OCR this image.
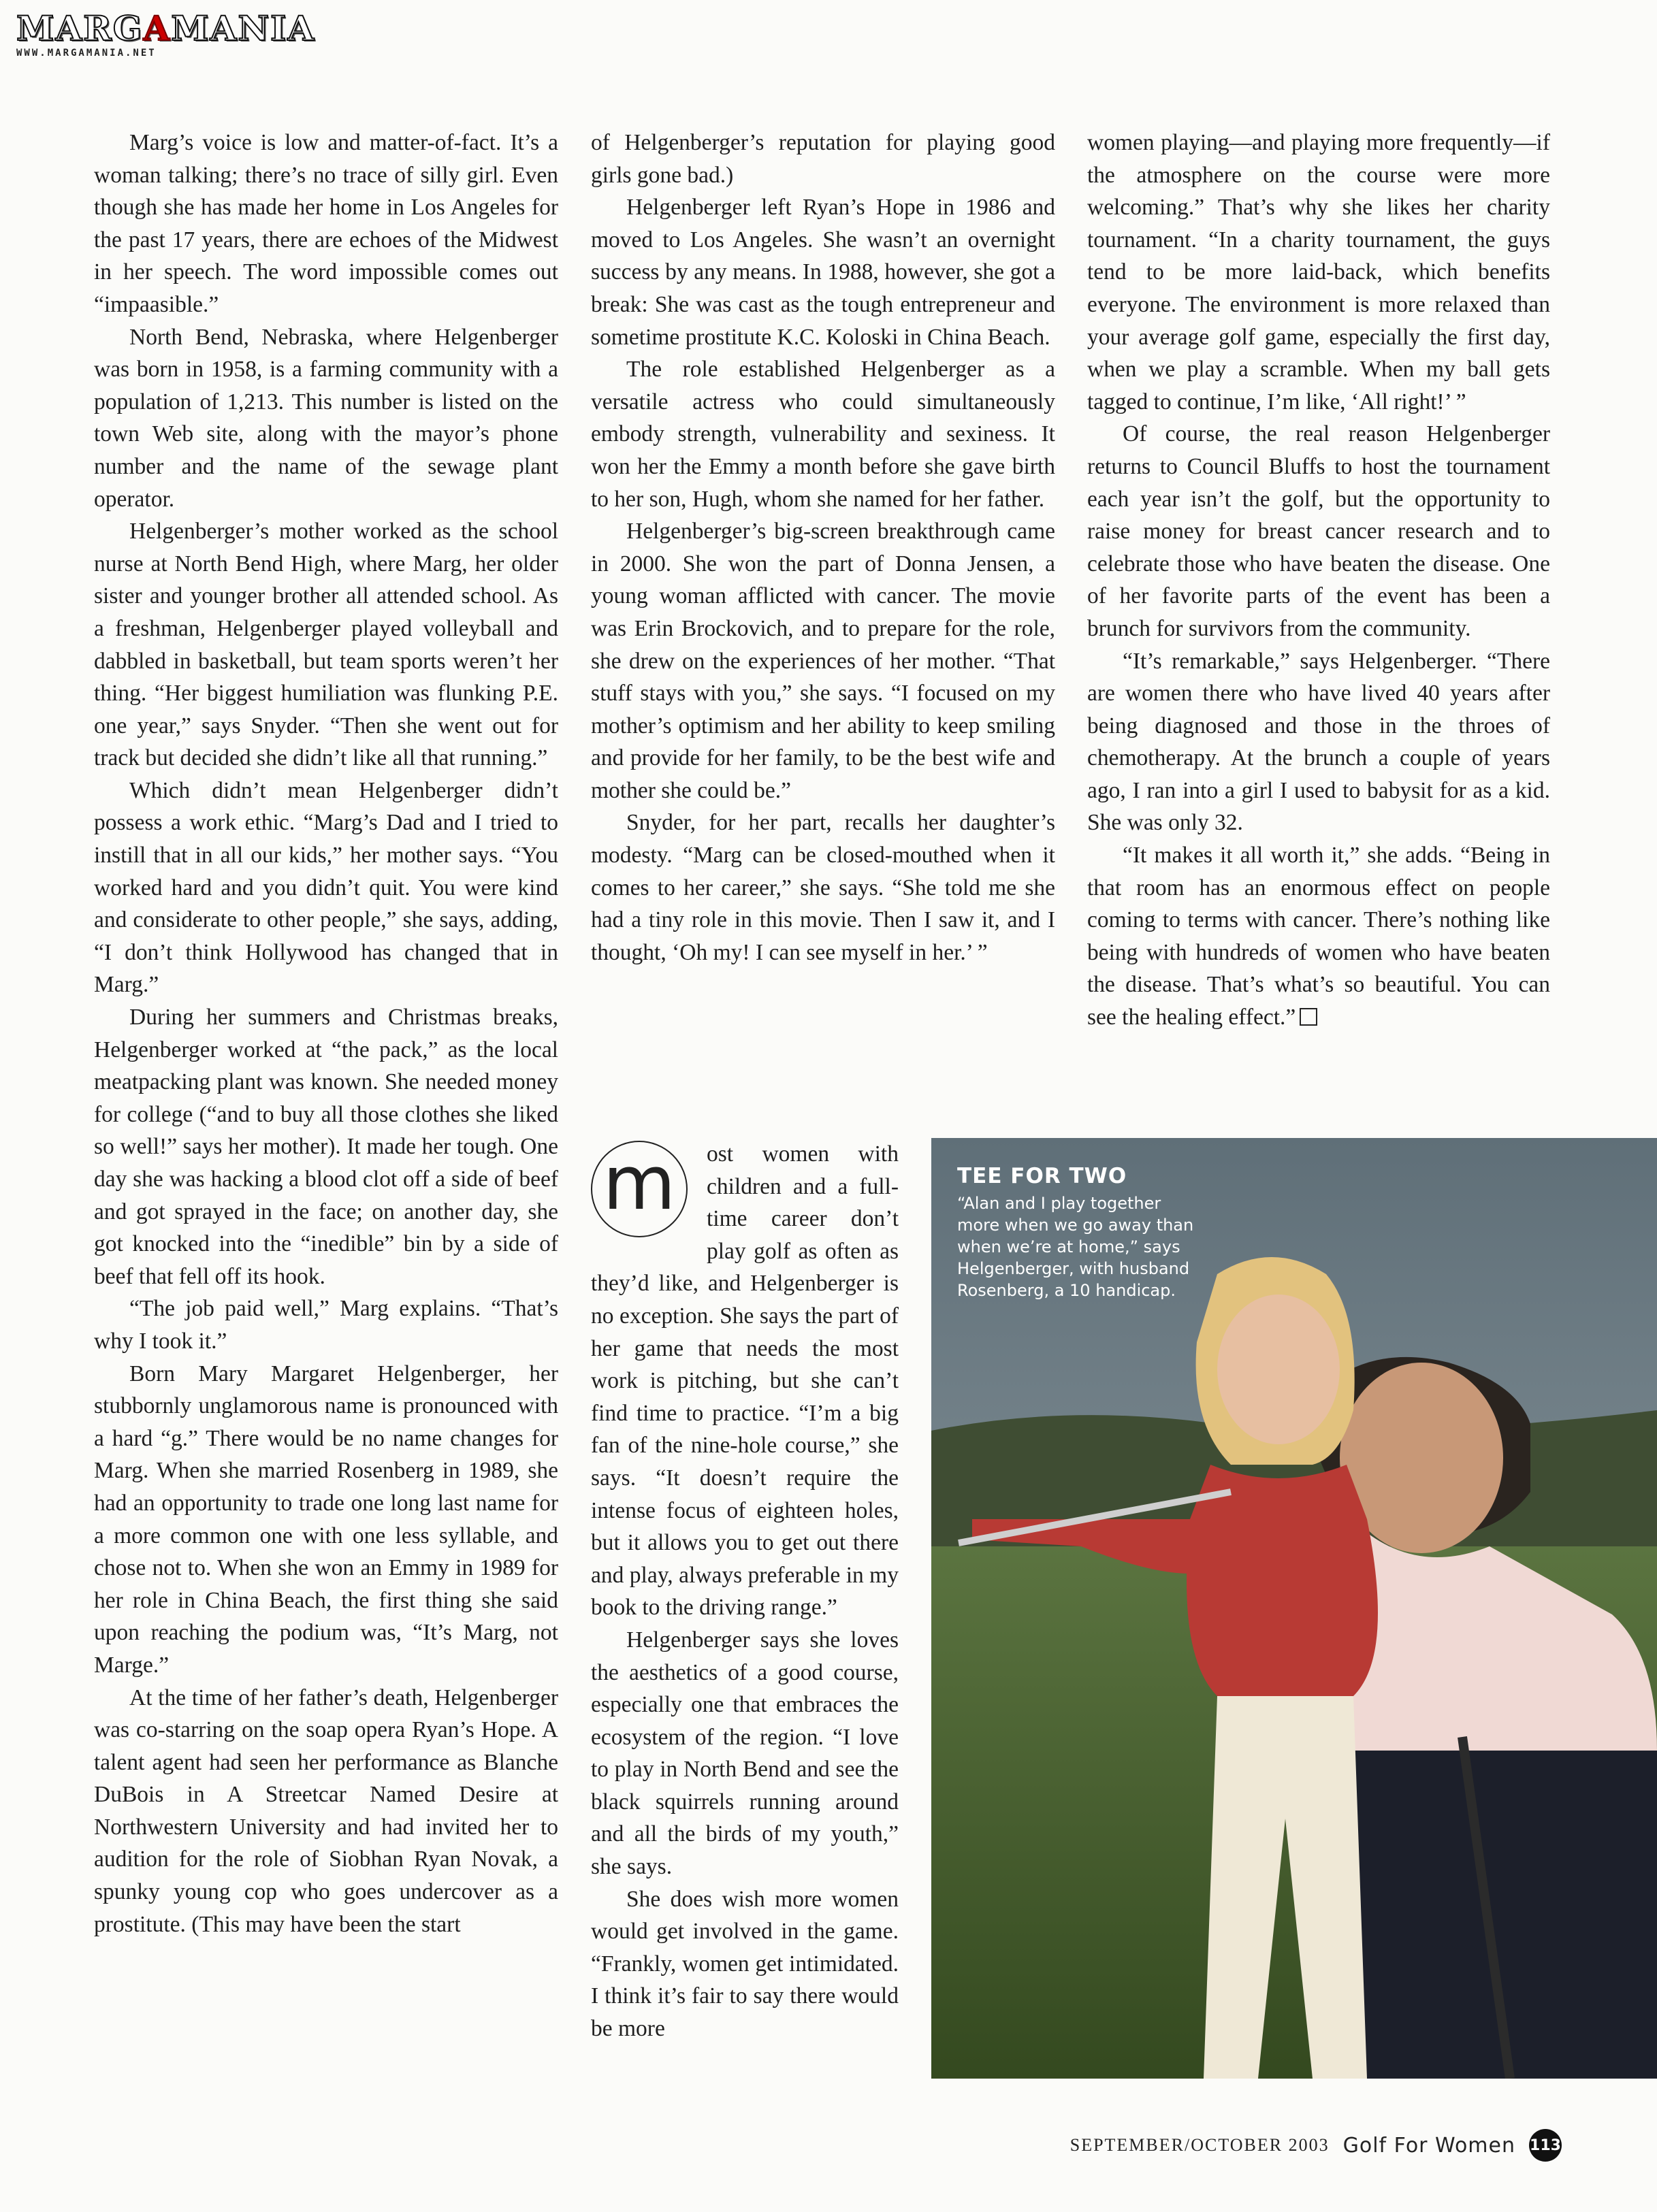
MARGAMANIA
WWW.MARGAMANIA.NET

Marg’s voice is low and matter-of-fact. It’s a woman talking; there’s no trace of silly girl. Even though she has made her home in Los Angeles for the past 17 years, there are echoes of the Midwest in her speech. The word impossible comes out “impaasible.”

North Bend, Nebraska, where Helgenberger was born in 1958, is a farming community with a population of 1,213. This number is listed on the town Web site, along with the mayor’s phone number and the name of the sewage plant operator.

Helgenberger’s mother worked as the school nurse at North Bend High, where Marg, her older sister and younger brother all attended school. As a freshman, Helgenberger played volleyball and dabbled in basketball, but team sports weren’t her thing. “Her biggest humiliation was flunking P.E. one year,” says Snyder. “Then she went out for track but decided she didn’t like all that running.”

Which didn’t mean Helgenberger didn’t possess a work ethic. “Marg’s Dad and I tried to instill that in all our kids,” her mother says. “You worked hard and you didn’t quit. You were kind and considerate to other people,” she says, adding, “I don’t think Hollywood has changed that in Marg.”

During her summers and Christmas breaks, Helgenberger worked at “the pack,” as the local meatpacking plant was known. She needed money for college (“and to buy all those clothes she liked so well!” says her mother). It made her tough. One day she was hacking a blood clot off a side of beef and got sprayed in the face; on another day, she got knocked into the “inedible” bin by a side of beef that fell off its hook.

“The job paid well,” Marg explains. “That’s why I took it.”

Born Mary Margaret Helgenberger, her stubbornly unglamorous name is pronounced with a hard “g.” There would be no name changes for Marg. When she married Rosenberg in 1989, she had an opportunity to trade one long last name for a more common one with one less syllable, and chose not to. When she won an Emmy in 1989 for her role in China Beach, the first thing she said upon reaching the podium was, “It’s Marg, not Marge.”

At the time of her father’s death, Helgenberger was co-starring on the soap opera Ryan’s Hope. A talent agent had seen her performance as Blanche DuBois in A Streetcar Named Desire at Northwestern University and had invited her to audition for the role of Siobhan Ryan Novak, a spunky young cop who goes undercover as a prostitute. (This may have been the start

of Helgenberger’s reputation for playing good girls gone bad.)

Helgenberger left Ryan’s Hope in 1986 and moved to Los Angeles. She wasn’t an overnight success by any means. In 1988, however, she got a break: She was cast as the tough entrepreneur and sometime prostitute K.C. Koloski in China Beach.

The role established Helgenberger as a versatile actress who could simultaneously embody strength, vulnerability and sexiness. It won her the Emmy a month before she gave birth to her son, Hugh, whom she named for her father.

Helgenberger’s big-screen breakthrough came in 2000. She won the part of Donna Jensen, a young woman afflicted with cancer. The movie was Erin Brockovich, and to prepare for the role, she drew on the experiences of her mother. “That stuff stays with you,” she says. “I focused on my mother’s optimism and her ability to keep smiling and provide for her family, to be the best wife and mother she could be.”

Snyder, for her part, recalls her daughter’s modesty. “Marg can be closed-mouthed when it comes to her career,” she says. “She told me she had a tiny role in this movie. Then I saw it, and I thought, ‘Oh my! I can see myself in her.’ ”

m	ost women with children and a full-time career don’t play golf as often as they’d like, and Helgenberger is no exception. She says the part of her game that needs the most work is pitching, but she can’t find time to practice. “I’m a big fan of the nine-hole course,” she says. “It doesn’t require the intense focus of eighteen holes, but it allows you to get out there and play, always preferable in my book to the driving range.”

Helgenberger says she loves the aesthetics of a good course, especially one that embraces the ecosystem of the region. “I love to play in North Bend and see the black squirrels running around and all the birds of my youth,” she says.

She does wish more women would get involved in the game. “Frankly, women get intimidated. I think it’s fair to say there would be more

women playing—and playing more frequently—if the atmosphere on the course were more welcoming.” That’s why she likes her charity tournament. “In a charity tournament, the guys tend to be more laid-back, which benefits everyone. The environment is more relaxed than your average golf game, especially the first day, when we play a scramble. When my ball gets tagged to continue, I’m like, ‘All right!’ ”

Of course, the real reason Helgenberger returns to Council Bluffs to host the tournament each year isn’t the golf, but the opportunity to raise money for breast cancer research and to celebrate those who have beaten the disease. One of her favorite parts of the event has been a brunch for survivors from the community.

“It’s remarkable,” says Helgenberger. “There are women there who have lived 40 years after being diagnosed and those in the throes of chemotherapy. At the brunch a couple of years ago, I ran into a girl I used to babysit for as a kid. She was only 32.

“It makes it all worth it,” she adds. “Being in that room has an enormous effect on people coming to terms with cancer. There’s nothing like being with hundreds of women who have beaten the disease. That’s what’s so beautiful. You can see the healing effect.”

TEE FOR TWO
“Alan and I play together more when we go away than when we’re at home,” says Helgenberger, with husband Rosenberg, a 10 handicap.
SEPTEMBER/OCTOBER 2003 Golf For Women 113
